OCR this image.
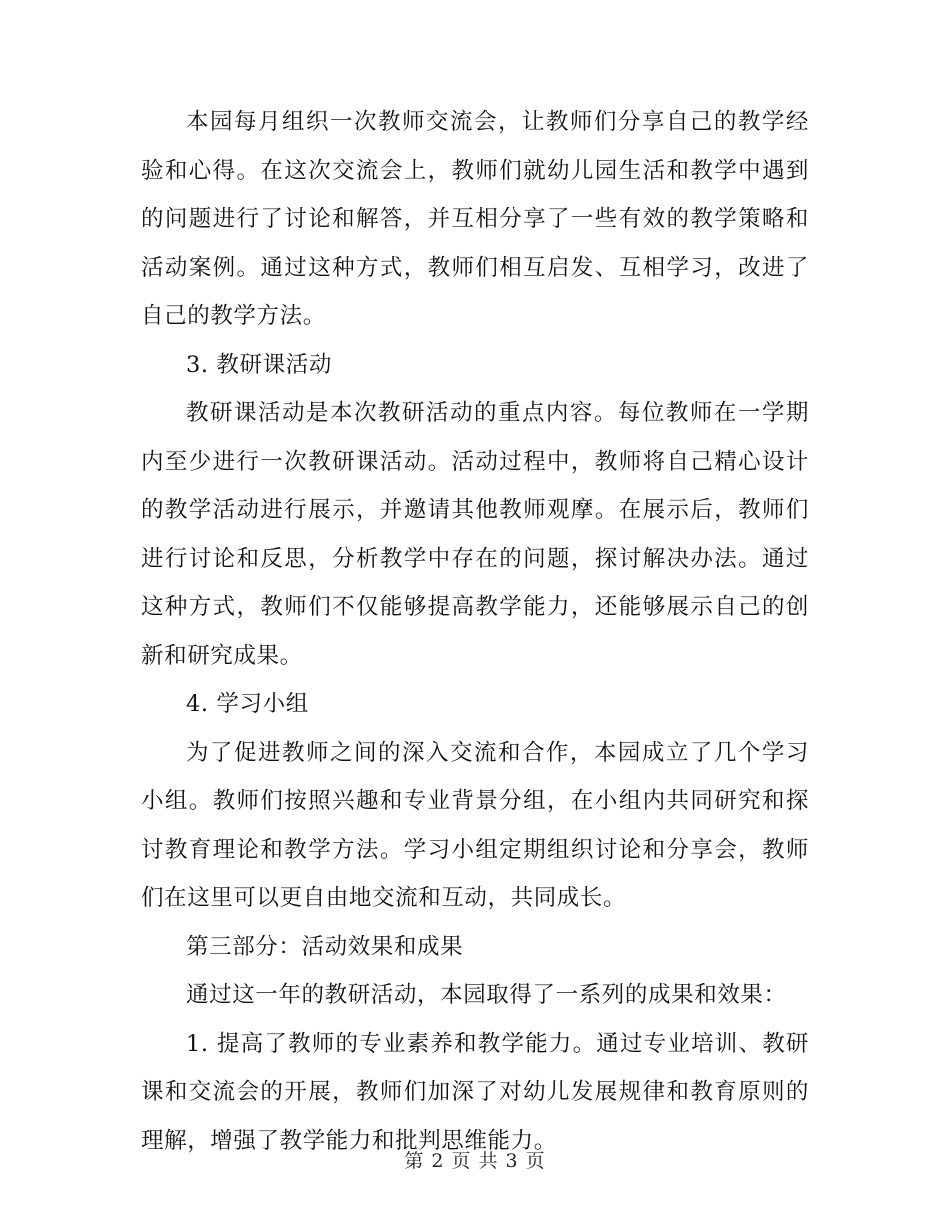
本园每月组织一次教师交流会，让教师们分享自己的教学经验和心得。在这次交流会上，教师们就幼儿园生活和教学中遇到的问题进行了讨论和解答，并互相分享了一些有效的教学策略和活动案例。通过这种方式，教师们相互启发、互相学习，改进了自己的教学方法。

3. 教研课活动

教研课活动是本次教研活动的重点内容。每位教师在一学期内至少进行一次教研课活动。活动过程中，教师将自己精心设计的教学活动进行展示，并邀请其他教师观摩。在展示后，教师们进行讨论和反思，分析教学中存在的问题，探讨解决办法。通过这种方式，教师们不仅能够提高教学能力，还能够展示自己的创新和研究成果。

4. 学习小组

为了促进教师之间的深入交流和合作，本园成立了几个学习小组。教师们按照兴趣和专业背景分组，在小组内共同研究和探讨教育理论和教学方法。学习小组定期组织讨论和分享会，教师们在这里可以更自由地交流和互动，共同成长。

第三部分：活动效果和成果

通过这一年的教研活动，本园取得了一系列的成果和效果：

1. 提高了教师的专业素养和教学能力。通过专业培训、教研课和交流会的开展，教师们加深了对幼儿发展规律和教育原则的理解，增强了教学能力和批判思维能力。

第 2 页 共 3 页
